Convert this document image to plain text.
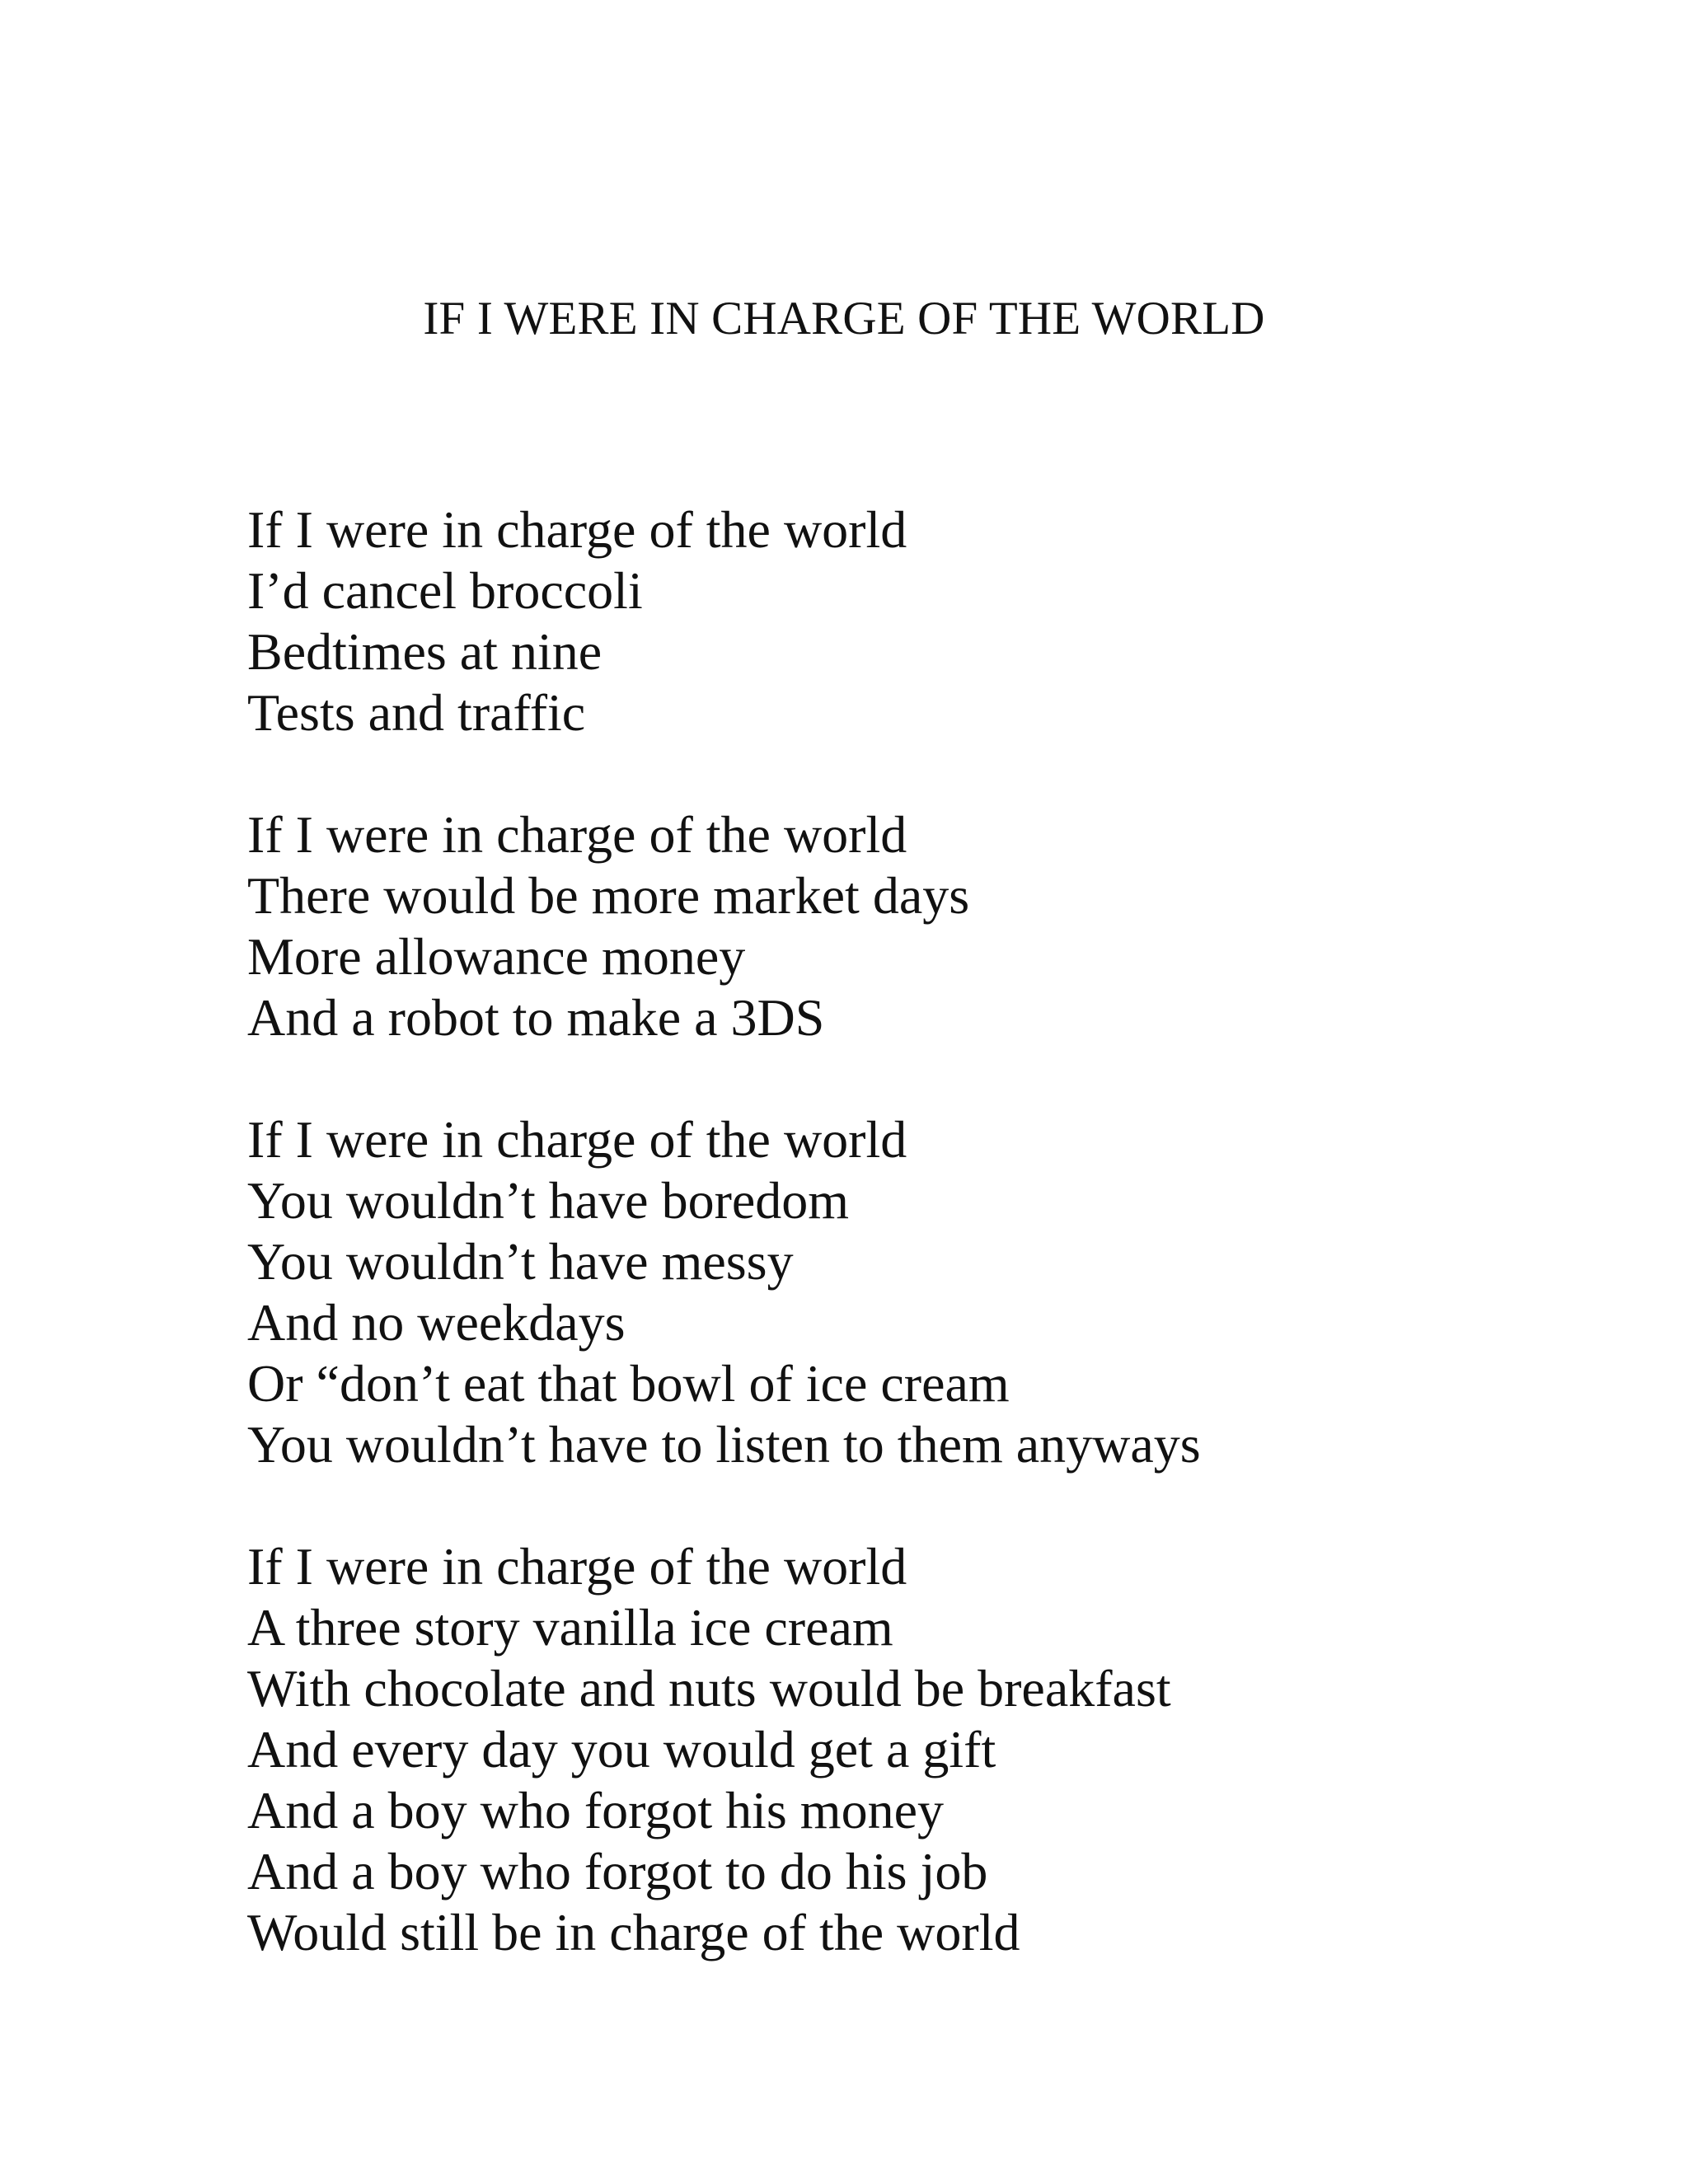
IF I WERE IN CHARGE OF THE WORLD
If I were in charge of the world
I’d cancel broccoli
Bedtimes at nine
Tests and traffic
If I were in charge of the world
There would be more market days
More allowance money
And a robot to make a 3DS
If I were in charge of the world
You wouldn’t have boredom
You wouldn’t have messy
And no weekdays
Or “don’t eat that bowl of ice cream
You wouldn’t have to listen to them anyways
If I were in charge of the world
A three story vanilla ice cream
With chocolate and nuts would be breakfast
And every day you would get a gift
And a boy who forgot his money
And a boy who forgot to do his job
Would still be in charge of the world
